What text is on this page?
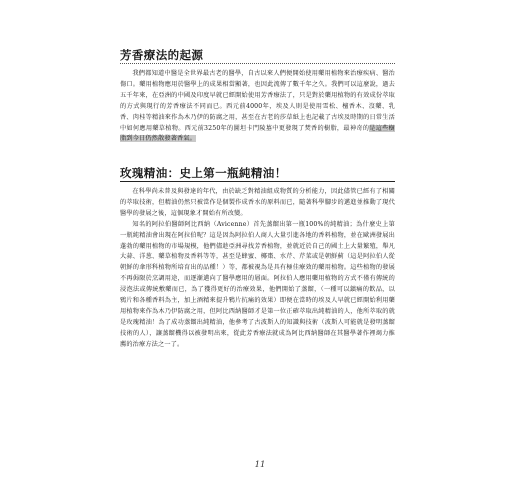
芳香療法的起源

我們都知道中醫是全世界最古老的醫學，自古以來人們便開始使用藥用植物來治療疾病、醫治傷口。藥用植物應用於醫學上的成果相當顯著，也因此流傳了數千年之久。我們可以這麼說，過去五千年來，在亞洲的中國及印度早就已經開始使用芳香療法了，只是對於藥用植物的有效成份萃取的方式與現行的芳香療法不同而已。西元前4000年，埃及人則是使用雪松、檀香木、沒藥、乳香、肉桂等精油來作為木乃伊的防腐之用，甚至在古老的莎草紙上也記載了古埃及時期的日常生活中如何應用藥草植物。西元前3250年的圖坦卡門陵墓中更發現了焚香的樹脂，最神奇的是這些樹脂到今日仍然散發著香氣。

玫瑰精油：史上第一瓶純精油！

在科學尚未普及與發達的年代，由於缺乏對精油組成物質的分析能力，因此儘管已經有了相關的萃取技術，但精油仍然只被當作是個製作成香水的原料而已，隨著科學腳步的邁進並推動了現代醫學的發展之後，這個現象才開始有所改變。

知名的阿拉伯醫師阿比西納（Avicenne）首先蒸餾出第一瓶100%的純精油；為什麼史上第一瓶純精油會出現在阿拉伯呢？這是因為阿拉伯人商人大量引進各地的香料植物，並在歐洲發展出蓬勃的藥用植物的市場規模，他們儘趁亞洲尋找芳香植物，並就近於自己的國土上大量繁殖，舉凡大蒜、洋葱、藥草植物及香料等等，甚至是蜂蜜、椰棗、水芹、芹菜或是朝鮮薊（這是阿拉伯人從朝鮮的傘形科植物所培育出的品種！）等，都被視為是具有極佳療效的藥用植物。這些植物的發展不再侷限於烹調用途，而逐漸邁向了醫學應用的層面。阿拉伯人應用藥用植物的方式不僅有傳統的浸泡法或傳統敷藥而已，為了獲得更好的治療效果，他們開始了蒸餾，（一種可以鎮痛的飲品，以鴉片和各種香料為主，加上酒精來提升鴉片抗痛的效果）即便在當時的埃及人早就已經開始利用藥用植物來作為木乃伊防腐之用，但阿比西納醫師才是第一位正確萃取出純精油的人，他所萃取的就是玫瑰精油！為了成功蒸餾出純精油，他參考了古波斯人的知識與技術（波斯人可能就是發明蒸餾技術的人），讓蒸餾機得以被發明出來，從此芳香療法就成為阿比西納醫師在其醫學著作裡竭力推薦的治療方法之一了。

11
